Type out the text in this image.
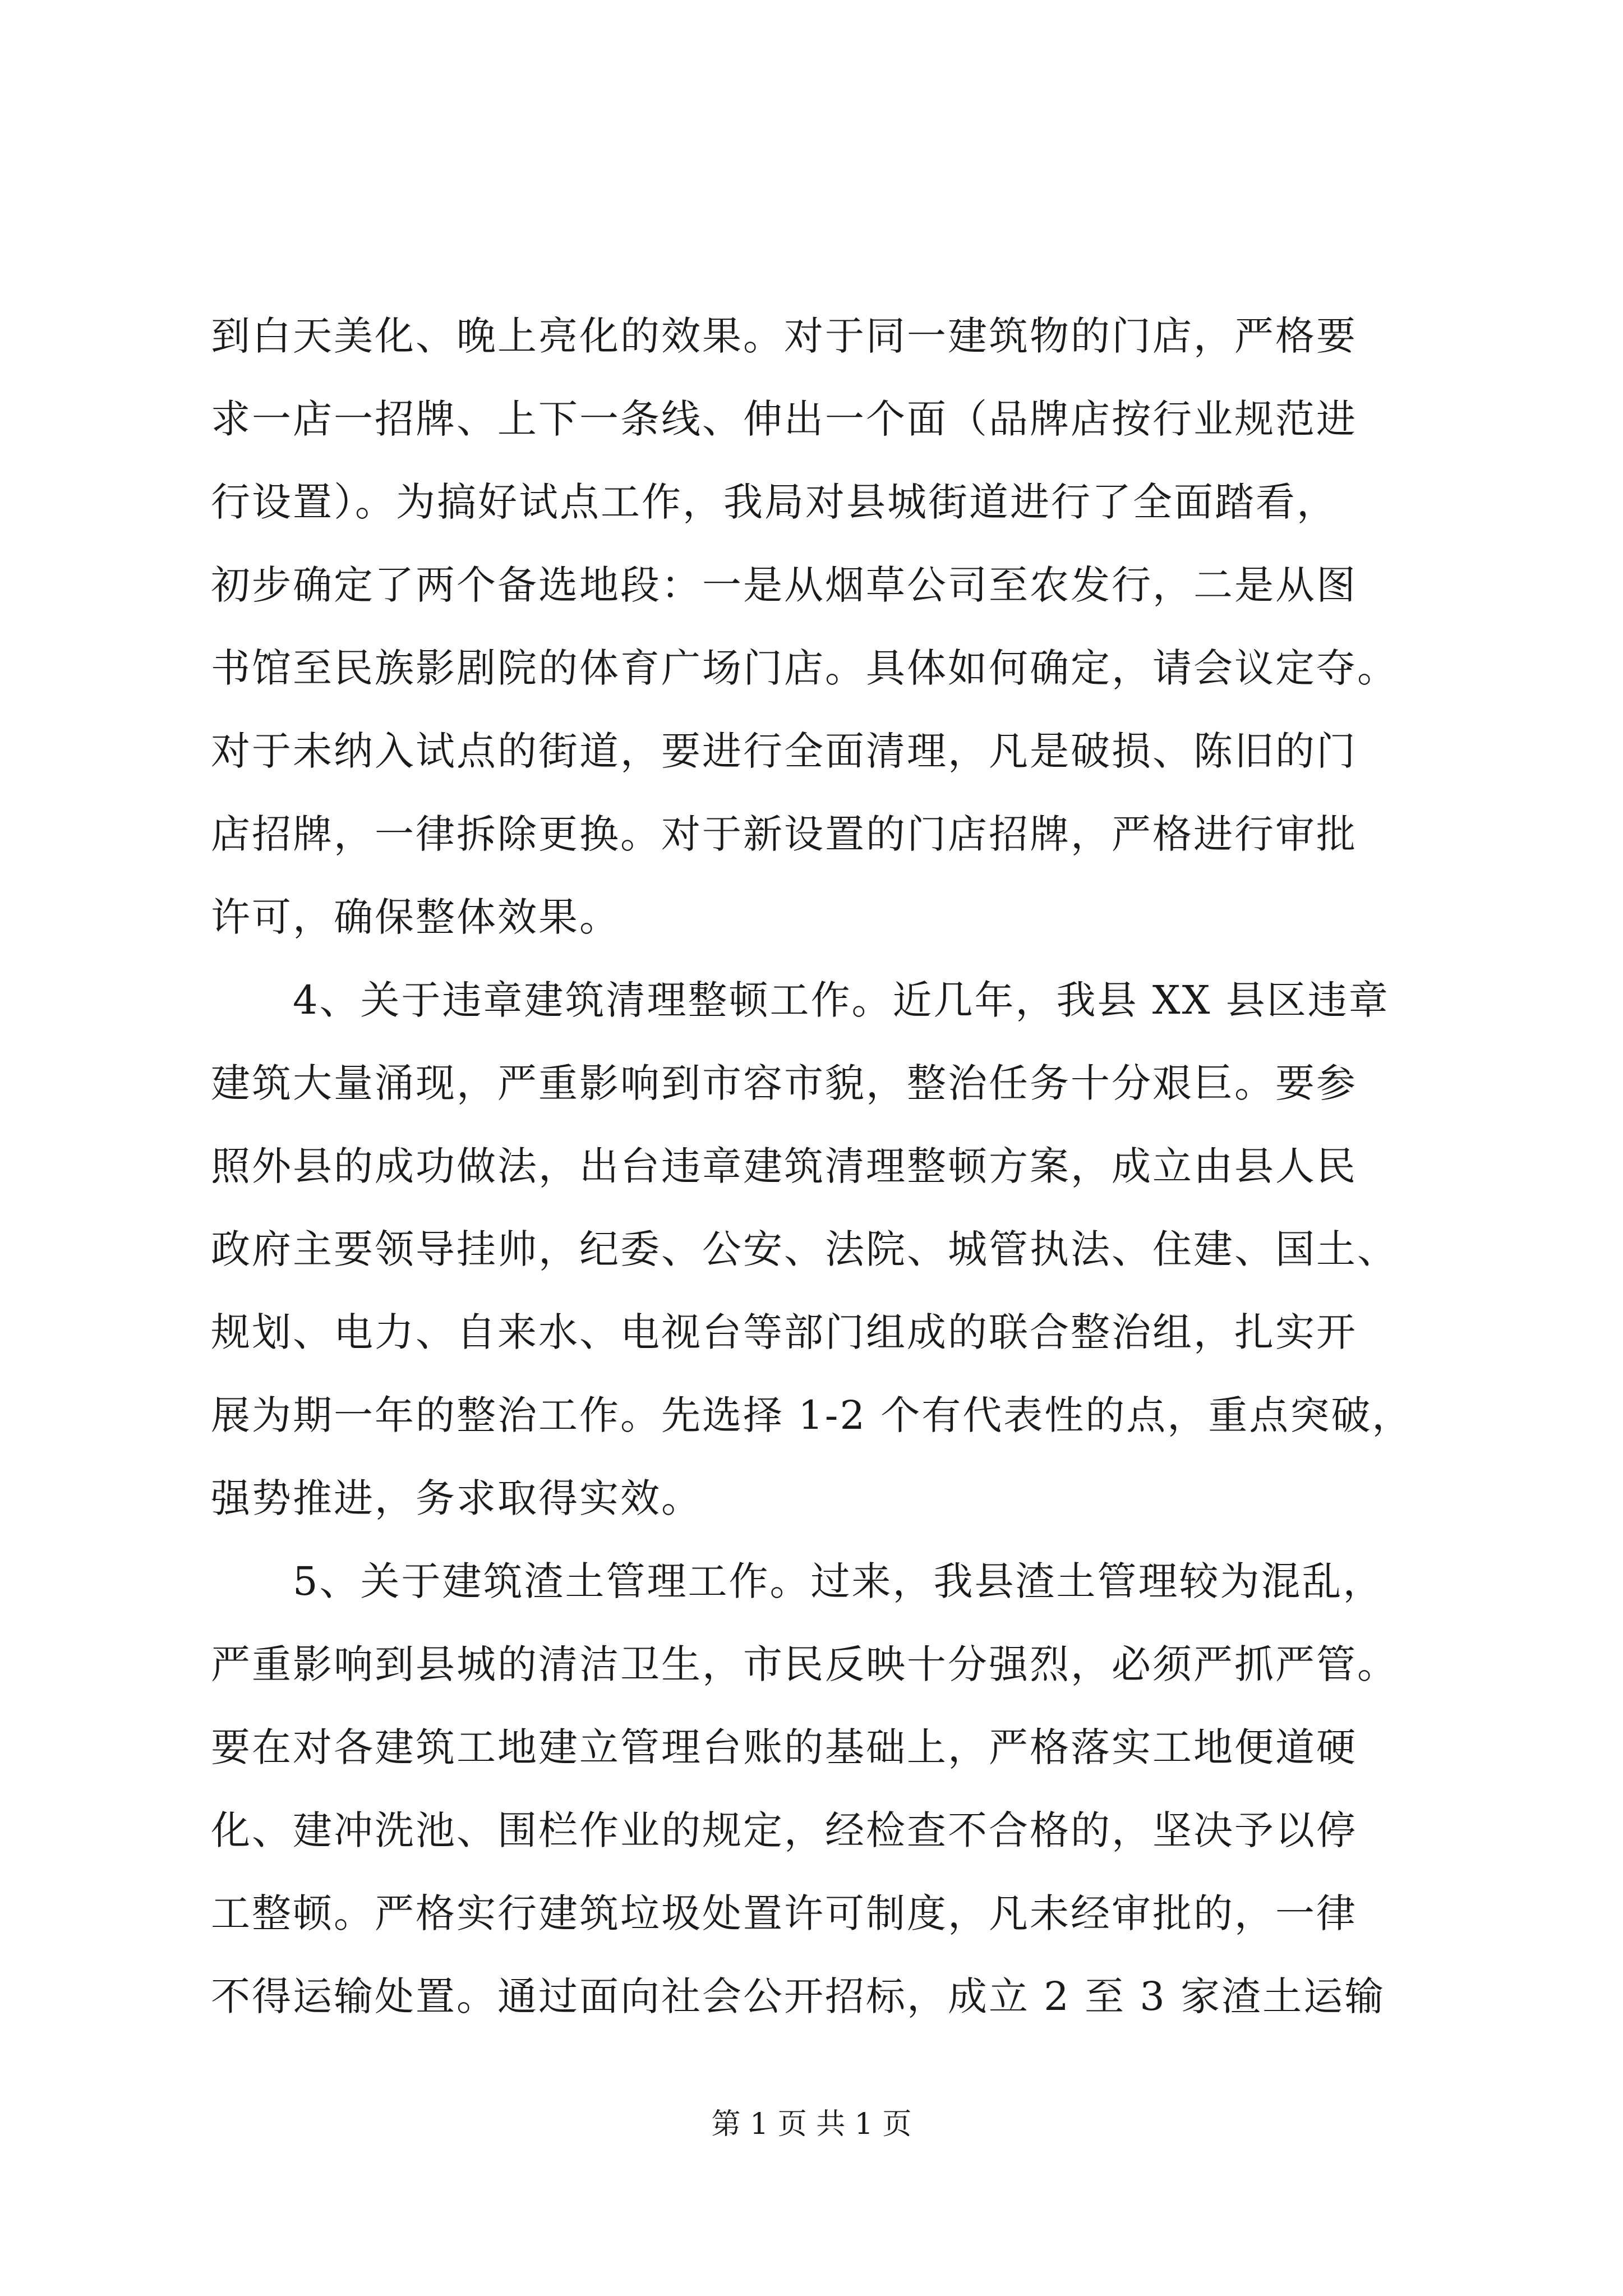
到白天美化、晚上亮化的效果。对于同一建筑物的门店，严格要
求一店一招牌、上下一条线、伸出一个面（品牌店按行业规范进
行设置）。为搞好试点工作，我局对县城街道进行了全面踏看，
初步确定了两个备选地段：一是从烟草公司至农发行，二是从图
书馆至民族影剧院的体育广场门店。具体如何确定，请会议定夺。
对于未纳入试点的街道，要进行全面清理，凡是破损、陈旧的门
店招牌，一律拆除更换。对于新设置的门店招牌，严格进行审批
许可，确保整体效果。
　　4、关于违章建筑清理整顿工作。近几年，我县 XX 县区违章
建筑大量涌现，严重影响到市容市貌，整治任务十分艰巨。要参
照外县的成功做法，出台违章建筑清理整顿方案，成立由县人民
政府主要领导挂帅，纪委、公安、法院、城管执法、住建、国土、
规划、电力、自来水、电视台等部门组成的联合整治组，扎实开
展为期一年的整治工作。先选择 1-2 个有代表性的点，重点突破，
强势推进，务求取得实效。
　　5、关于建筑渣土管理工作。过来，我县渣土管理较为混乱，
严重影响到县城的清洁卫生，市民反映十分强烈，必须严抓严管。
要在对各建筑工地建立管理台账的基础上，严格落实工地便道硬
化、建冲洗池、围栏作业的规定，经检查不合格的，坚决予以停
工整顿。严格实行建筑垃圾处置许可制度，凡未经审批的，一律
不得运输处置。通过面向社会公开招标，成立 2 至 3 家渣土运输
第 1 页 共 1 页
